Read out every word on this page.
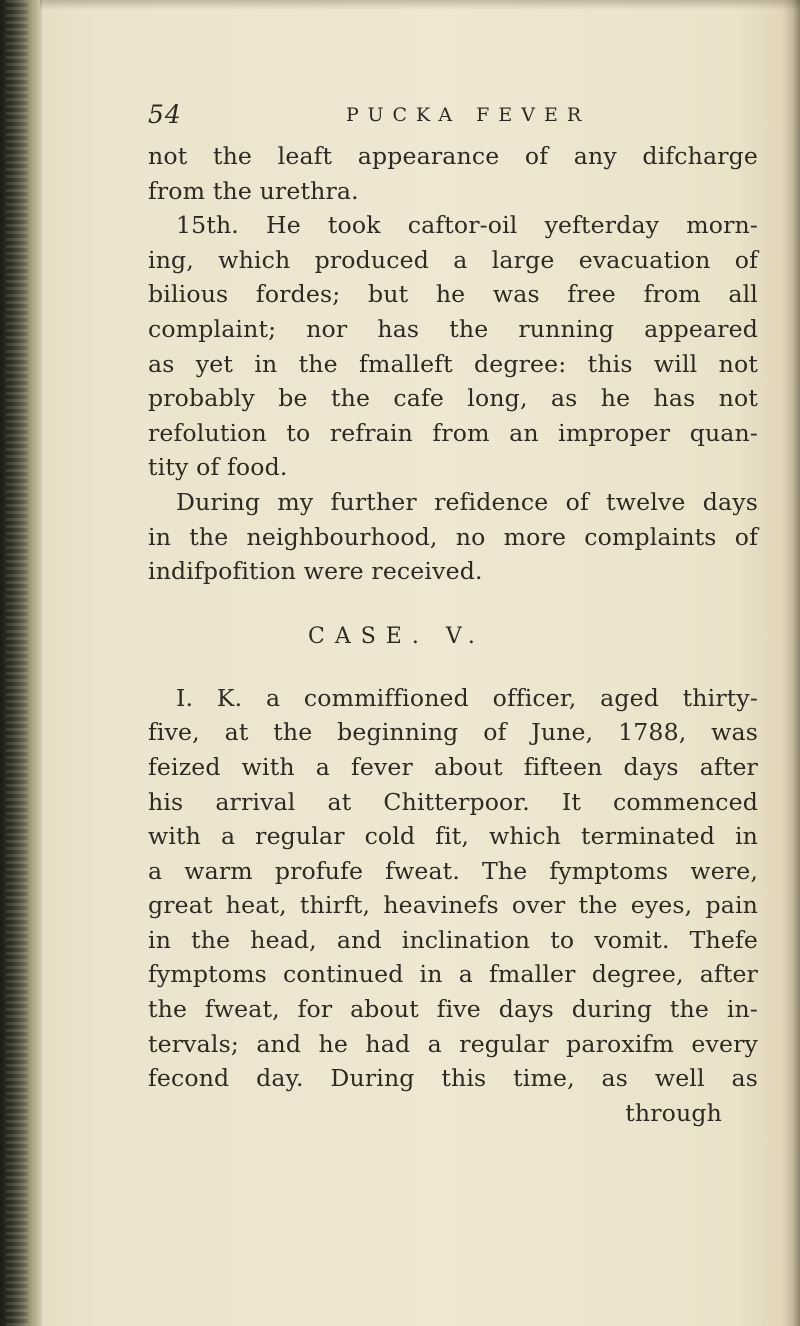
54	PUCKA FEVER
not the leaft appearance of any difcharge
from the urethra.
15th. He took caftor-oil yefterday morn-
ing, which produced a large evacuation of
bilious fordes; but he was free from all
complaint; nor has the running appeared
as yet in the fmalleft degree: this will not
probably be the cafe long, as he has not
refolution to refrain from an improper quan-
tity of food.
During my further refidence of twelve days
in the neighbourhood, no more complaints of
indifpofition were received.
CASE. V.
I. K. a commiffioned officer, aged thirty-
five, at the beginning of June, 1788, was
feized with a fever about fifteen days after
his arrival at Chitterpoor. It commenced
with a regular cold fit, which terminated in
a warm profufe fweat. The fymptoms were,
great heat, thirft, heavinefs over the eyes, pain
in the head, and inclination to vomit. Thefe
fymptoms continued in a fmaller degree, after
the fweat, for about five days during the in-
tervals; and he had a regular paroxifm every
fecond day. During this time, as well as
through
